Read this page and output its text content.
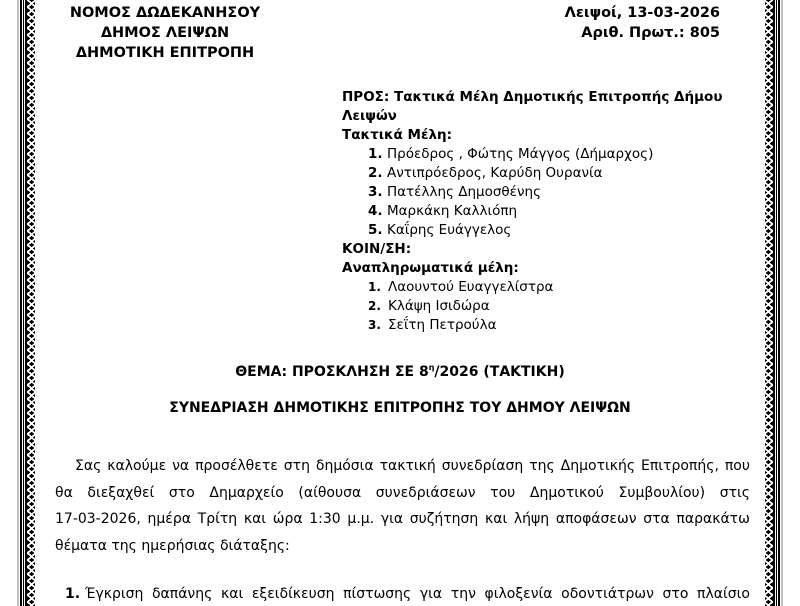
ΝΟΜΟΣ ΔΩΔΕΚΑΝΗΣΟΥ
ΔΗΜΟΣ ΛΕΙΨΩΝ
ΔΗΜΟΤΙΚΗ ΕΠΙΤΡΟΠΗ
Λειψοί, 13-03-2026
Αριθ. Πρωτ.: 805
ΠΡΟΣ: Τακτικά Μέλη Δημοτικής Επιτροπής Δήμου
Λειψών
Τακτικά Μέλη:
1. Πρόεδρος , Φώτης Μάγγος (Δήμαρχος)
2. Αντιπρόεδρος, Καρύδη Ουρανία
3. Πατέλλης Δημοσθένης
4. Μαρκάκη Καλλιόπη
5. Καΐρης Ευάγγελος
ΚΟΙΝ/ΣΗ:
Αναπληρωματικά μέλη:
1. Λαουντού Ευαγγελίστρα
2. Κλάψη Ισιδώρα
3. Σεΐτη Πετρούλα
ΘΕΜΑ: ΠΡΟΣΚΛΗΣΗ ΣΕ $8^\eta/2026$ (ΤΑΚΤΙΚΗ)
ΣΥΝΕΔΡΙΑΣΗ ΔΗΜΟΤΙΚΗΣ ΕΠΙΤΡΟΠΗΣ ΤΟΥ ΔΗΜΟΥ ΛΕΙΨΩΝ
Σας καλούμε να προσέλθετε στη δημόσια τακτική συνεδρίαση της Δημοτικής Επιτροπής, που
θα διεξαχθεί στο Δημαρχείο (αίθουσα συνεδριάσεων του Δημοτικού Συμβουλίου) στις
17-03-2026, ημέρα Τρίτη και ώρα 1:30 μ.μ. για συζήτηση και λήψη αποφάσεων στα παρακάτω
θέματα της ημερήσιας διάταξης:
1. Έγκριση δαπάνης και εξειδίκευση πίστωσης για την φιλοξενία οδοντιάτρων στο πλαίσιο
